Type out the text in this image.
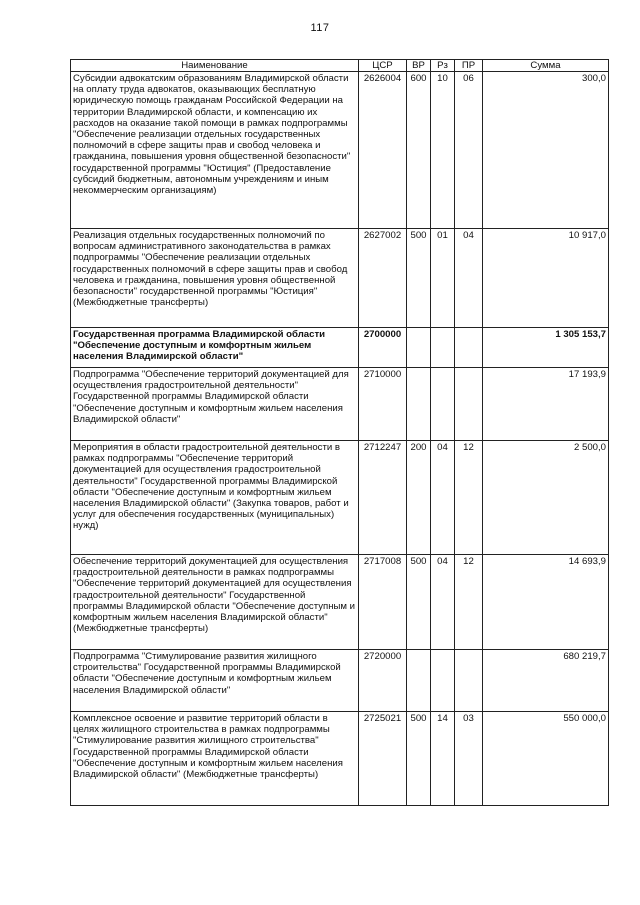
117
Наименование	ЦСР	ВР	Рз	ПР	Сумма
Субсидии адвокатским образованиям Владимирской области на оплату труда адвокатов, оказывающих бесплатную юридическую помощь гражданам Российской Федерации на территории Владимирской области, и компенсацию их расходов на оказание такой помощи в рамках подпрограммы "Обеспечение реализации отдельных государственных полномочий в сфере защиты прав и свобод человека и гражданина, повышения уровня общественной безопасности" государственной программы "Юстиция" (Предоставление субсидий бюджетным, автономным учреждениям и иным некоммерческим организациям)	2626004	600	10	06	300,0
Реализация отдельных государственных полномочий по вопросам административного законодательства в рамках подпрограммы "Обеспечение реализации отдельных государственных полномочий в сфере защиты прав и свобод человека и гражданина, повышения уровня общественной безопасности" государственной программы "Юстиция" (Межбюджетные трансферты)	2627002	500	01	04	10 917,0
Государственная программа Владимирской области "Обеспечение доступным и комфортным жильем населения Владимирской области"	2700000				1 305 153,7
Подпрограмма "Обеспечение территорий документацией для осуществления градостроительной деятельности" Государственной программы Владимирской области "Обеспечение доступным и комфортным жильем населения Владимирской области"	2710000				17 193,9
Мероприятия в области градостроительной деятельности в рамках подпрограммы "Обеспечение территорий документацией для осуществления градостроительной деятельности" Государственной программы Владимирской области "Обеспечение доступным и комфортным жильем населения Владимирской области" (Закупка товаров, работ и услуг для обеспечения государственных (муниципальных) нужд)	2712247	200	04	12	2 500,0
Обеспечение территорий документацией для осуществления градостроительной деятельности в рамках подпрограммы "Обеспечение территорий документацией для осуществления градостроительной деятельности" Государственной программы Владимирской области "Обеспечение доступным и комфортным жильем населения Владимирской области" (Межбюджетные трансферты)	2717008	500	04	12	14 693,9
Подпрограмма "Стимулирование развития жилищного строительства" Государственной программы Владимирской области "Обеспечение доступным и комфортным жильем населения Владимирской области"	2720000				680 219,7
Комплексное освоение и развитие территорий области в целях жилищного строительства в рамках подпрограммы "Стимулирование развития жилищного строительства" Государственной программы Владимирской области "Обеспечение доступным и комфортным жильем населения Владимирской области" (Межбюджетные трансферты)	2725021	500	14	03	550 000,0
